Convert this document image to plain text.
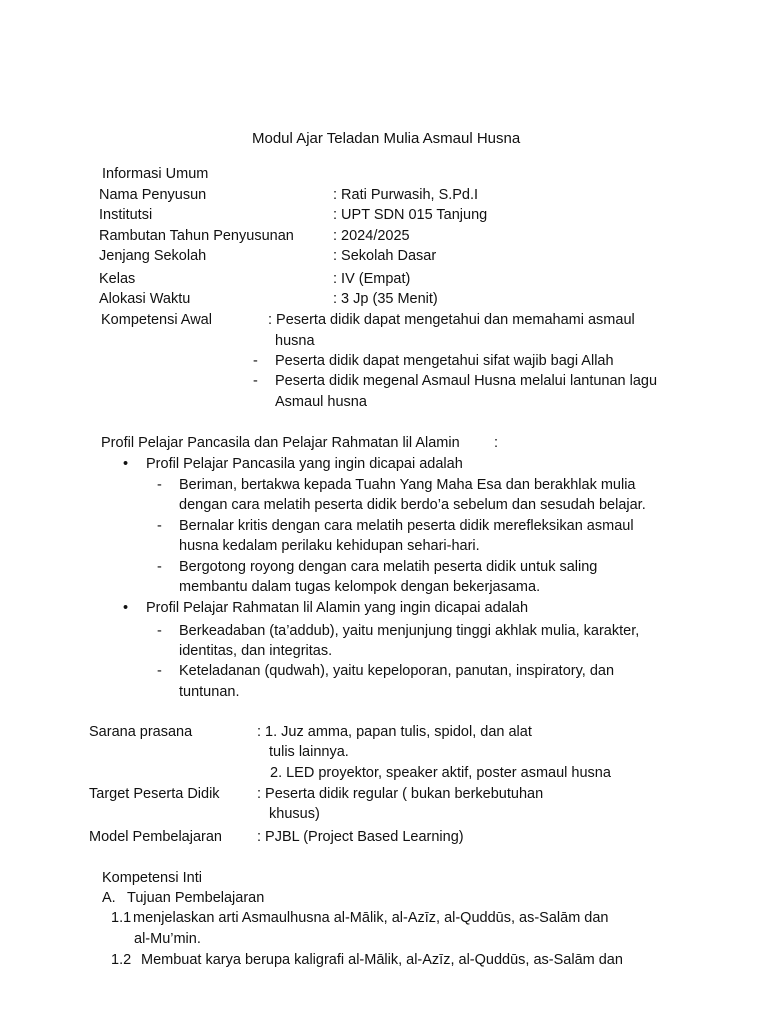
Modul Ajar Teladan Mulia Asmaul Husna
Informasi Umum
Nama Penyusun	: Rati Purwasih, S.Pd.I
Institutsi	: UPT SDN 015 Tanjung
Rambutan Tahun Penyusunan	: 2024/2025
Jenjang Sekolah	: Sekolah Dasar
Kelas	: IV (Empat)
Alokasi Waktu	: 3 Jp (35 Menit)
Kompetensi Awal	: Peserta didik dapat mengetahui dan memahami asmaul
husna
- Peserta didik dapat mengetahui sifat wajib bagi Allah
- Peserta didik megenal Asmaul Husna melalui lantunan lagu
Asmaul husna
Profil Pelajar Pancasila dan Pelajar Rahmatan lil Alamin :
• Profil Pelajar Pancasila yang ingin dicapai adalah
- Beriman, bertakwa kepada Tuahn Yang Maha Esa dan berakhlak mulia
dengan cara melatih peserta didik berdo’a sebelum dan sesudah belajar.
- Bernalar kritis dengan cara melatih peserta didik merefleksikan asmaul
husna kedalam perilaku kehidupan sehari-hari.
- Bergotong royong dengan cara melatih peserta didik untuk saling
membantu dalam tugas kelompok dengan bekerjasama.
• Profil Pelajar Rahmatan lil Alamin yang ingin dicapai adalah
- Berkeadaban (ta’addub), yaitu menjunjung tinggi akhlak mulia, karakter,
identitas, dan integritas.
- Keteladanan (qudwah), yaitu kepeloporan, panutan, inspiratory, dan
tuntunan.
Sarana prasana	: 1. Juz amma, papan tulis, spidol, dan alat
tulis lainnya.
2. LED proyektor, speaker aktif, poster asmaul husna
Target Peserta Didik	: Peserta didik regular ( bukan berkebutuhan
khusus)
Model Pembelajaran : PJBL (Project Based Learning)
Kompetensi Inti
A. Tujuan Pembelajaran
1.1 menjelaskan arti Asmaulhusna al-Mālik, al-Azīz, al-Quddūs, as-Salām dan
al-Mu’min.
1.2 Membuat karya berupa kaligrafi al-Mālik, al-Azīz, al-Quddūs, as-Salām dan
